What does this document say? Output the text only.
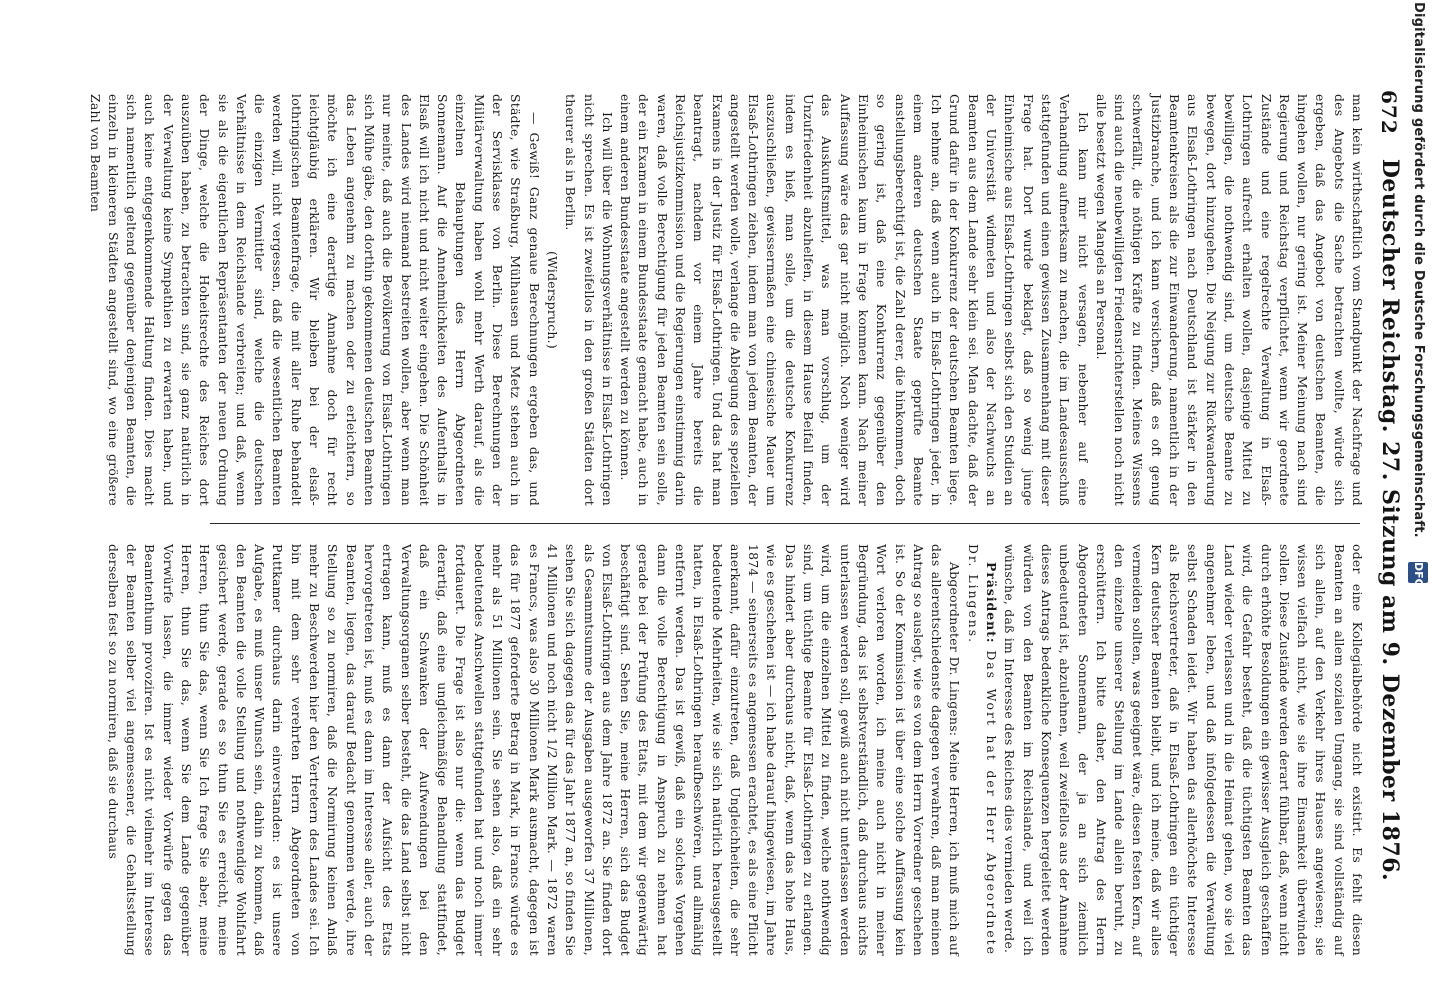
672
Deutscher Reichstag. 27. Sitzung am 9. Dezember 1876.

man kein wirthschaftlich vom Standpunkt der Nachfrage und des Angebots die Sache betrachten wollte, würde sich ergeben, daß das Angebot von deutschen Beamten, die hingehen wollen, nur gering ist. Meiner Meinung nach sind Regierung und Reichstag verpflichtet, wenn wir geordnete Zustände und eine regelrechte Verwaltung in Elsaß-Lothringen aufrecht erhalten wollen, dasjenige Mittel zu bewilligen, die nothwendig sind, um deutsche Beamte zu bewegen, dort hinzugehen. Die Neigung zur Rückwanderung aus Elsaß-Lothringen nach Deutschland ist stärker in den Beamtenkreisen als die zur Einwanderung, namentlich in der Justizbranche, und ich kann versichern, daß es oft genug schwerfällt, die nöthigen Kräfte zu finden. Meines Wissens sind auch die neubewilligten Friedensrichterstellen noch nicht alle besetzt wegen Mangels an Personal.

Ich kann mir nicht versagen, nebenher auf eine Verhandlung aufmerksam zu machen, die im Landesausschuß stattgefunden und einen gewissen Zusammenhang mit dieser Frage hat. Dort wurde beklagt, daß so wenig junge Einheimische aus Elsaß-Lothringen selbst sich den Studien an der Universität widmeten und also der Nachwuchs an Beamten aus dem Lande sehr klein sei. Man dachte, daß der Grund dafür in der Konkurrenz der deutschen Beamten liege. Ich nehme an, daß wenn auch in Elsaß-Lothringen jeder, in einem anderen deutschen Staate geprüfte Beamte anstellungsberechtigt ist, die Zahl derer, die hinkommen, doch so gering ist, daß eine Konkurrenz gegenüber den Einheimischen kaum in Frage kommen kann. Nach meiner Auffassung wäre das gar nicht möglich. Noch weniger wird das Auskunftsmittel, was man vorschlug, um der Unzufriedenheit abzuhelfen, in diesem Hause Beifall finden, indem es hieß, man solle, um die deutsche Konkurrenz auszuschließen, gewissermaßen eine chinesische Mauer um Elsaß-Lothringen ziehen, indem man von jedem Beamten, der angestellt werden wolle, verlange die Ablegung des speziellen Examens in der Justiz für Elsaß-Lothringen. Und das hat man beantragt, nachdem vor einem Jahre bereits die Reichsjustizkommission und die Regierungen einstimmig darin waren, daß volle Berechtigung für jeden Beamten sein solle, der ein Examen in einem Bundesstaate gemacht habe, auch in einem anderen Bundesstaate angestellt werden zu können.

Ich will über die Wohnungsverhältnisse in Elsaß-Lothringen nicht sprechen. Es ist zweifellos in den großen Städten dort theurer als in Berlin.

(Widerspruch.)

— Gewiß! Ganz genaue Berechnungen ergeben das, und Städte, wie Straßburg, Mülhausen und Metz stehen auch in der Servisklasse von Berlin. Diese Berechnungen der Militärverwaltung haben wohl mehr Werth darauf, als die einzelnen Behauptungen des Herrn Abgeordneten Sonnemann. Auf die Annehmlichkeiten des Aufenthalts in Elsaß will ich nicht und nicht weiter eingehen. Die Schönheit des Landes wird niemand bestreiten wollen, aber wenn man nur meinte, daß auch die Bevölkerung von Elsaß-Lothringen sich Mühe gäbe, den dorthin gekommenen deutschen Beamten das Leben angenehm zu machen oder zu erleichtern, so möchte ich eine derartige Annahme doch für recht leichtgläubig erklären. Wir bleiben bei der elsaß-lothringischen Beamtenfrage, die mit aller Ruhe behandelt werden will, nicht vergessen, daß die wesentlichen Beamten die einzigen Vermittler sind, welche die deutschen Verhältnisse in dem Reichslande verbreiten; und daß, wenn sie als die eigentlichen Repräsentanten der neuen Ordnung der Dinge, welche die Hoheitsrechte des Reiches dort auszuüben haben, zu betrachten sind, sie ganz natürlich in der Verwaltung keine Sympathien zu erwarten haben, und auch keine entgegenkommende Haltung finden. Dies macht sich namentlich geltend gegenüber denjenigen Beamten, die einzeln in kleineren Städten angestellt sind, wo eine größere Zahl von Beamten

oder eine Kollegialbehörde nicht existirt. Es fehlt diesen Beamten an allem sozialen Umgang, sie sind vollständig auf sich allein, auf den Verkehr ihres Hauses angewiesen; sie wissen vielfach nicht, wie sie ihre Einsamkeit überwinden sollen. Diese Zustände werden derart fühlbar, daß, wenn nicht durch erhöhte Besoldungen ein gewisser Ausgleich geschaffen wird, die Gefahr besteht, daß die tüchtigsten Beamten das Land wieder verlassen und in die Heimat gehen, wo sie viel angenehmer leben, und daß infolgedessen die Verwaltung selbst Schaden leidet. Wir haben das allerhöchste Interesse als Reichsvertreter, daß in Elsaß-Lothringen ein tüchtiger Kern deutscher Beamten bleibt, und ich meine, daß wir alles vermeiden sollten, was geeignet wäre, diesen festen Kern, auf den einzelne unserer Stellung im Lande allein beruht, zu erschüttern. Ich bitte daher, den Antrag des Herrn Abgeordneten Sonnemann, der ja an sich ziemlich unbedeutend ist, abzulehnen, weil zweifellos aus der Annahme dieses Antrags bedenkliche Konsequenzen hergeleitet werden würden von den Beamten im Reichslande, und weil ich wünsche, daß im Interesse des Reiches dies vermieden werde.

Präsident: Das Wort hat der Herr Abgeordnete Dr. Lingens.

Abgeordneter Dr. Lingens: Meine Herren, ich muß mich auf das allerentschiedenste dagegen verwahren, daß man meinen Antrag so auslegt, wie es von dem Herrn Vorredner geschehen ist. So der Kommission ist über eine solche Auffassung kein Wort verloren worden, ich meine auch nicht in meiner Begründung, das ist selbstverständlich, daß durchaus nichts unterlassen werden soll, gewiß auch nicht unterlassen werden wird, um die einzelnen Mittel zu finden, welche nothwendig sind, um tüchtige Beamte für Elsaß-Lothringen zu erlangen. Das hindert aber durchaus nicht, daß, wenn das hohe Haus, wie es geschehen ist — ich habe darauf hingewiesen, im Jahre 1874 — seinerseits es angemessen erachtet, es als eine Pflicht anerkannt, dafür einzutreten, daß Ungleichheiten, die sehr bedeutende Mehrheiten, wie sie sich natürlich herausgestellt hatten, in Elsaß-Lothringen heraufbeschwören, und allmählig entfernt werden. Das ist gewiß, daß ein solches Vorgehen dann die volle Berechtigung in Anspruch zu nehmen hat gerade bei der Prüfung des Etats, mit dem wir gegenwärtig beschäftigt sind. Sehen Sie, meine Herren, sich das Budget von Elsaß-Lothringen aus dem Jahre 1872 an. Sie finden dort als Gesammtsumme der Ausgaben ausgeworfen 37 Millionen, sehen Sie sich dagegen das für das Jahr 1877 an, so finden Sie 41 Millionen und noch nicht 1/2 Million Mark. — 1872 waren es Francs, was also 30 Millionen Mark ausmacht, dagegen ist das für 1877 geforderte Betrag in Mark, in Francs würde es mehr als 51 Millionen sein. Sie sehen also, daß ein sehr bedeutendes Anschwellen stattgefunden hat und noch immer fortdauert. Die Frage ist also nur die: wenn das Budget derartig, daß eine ungleichmäßige Behandlung stattfindet, daß ein Schwanken der Aufwendungen bei den Verwaltungsorganen selber besteht, die das Land selbst nicht ertragen kann, muß es dann der Aufsicht des Etats hervorgetreten ist, muß es dann im Interesse aller, auch der Beamten, liegen, das darauf Bedacht genommen werde, ihre Stellung so zu normiren, daß die Normirung keinen Anlaß mehr zu Beschwerden hier den Vertretern des Landes sei. Ich bin mit dem sehr verehrten Herrn Abgeordneten von Puttkamer durchaus darin einverstanden: es ist unsere Aufgabe, es muß unser Wunsch sein, dahin zu kommen, daß den Beamten die volle Stellung und nothwendige Wohlfahrt gesichert werde, gerade es so thun Sie es erreicht, meine Herren, thun Sie das, wenn Sie Ich frage Sie aber, meine Herren, thun Sie das, wenn Sie dem Lande gegenüber Vorwürfe lassen, die immer wieder Vorwürfe gegen das Beamtenthum provoziren. Ist es nicht vielmehr im Interesse der Beamten selber viel angemessener, die Gehaltsstellung derselben fest so zu normiren, daß sie durchaus

Digitalisierung gefördert durch die Deutsche Forschungsgemeinschaft.
DFG
